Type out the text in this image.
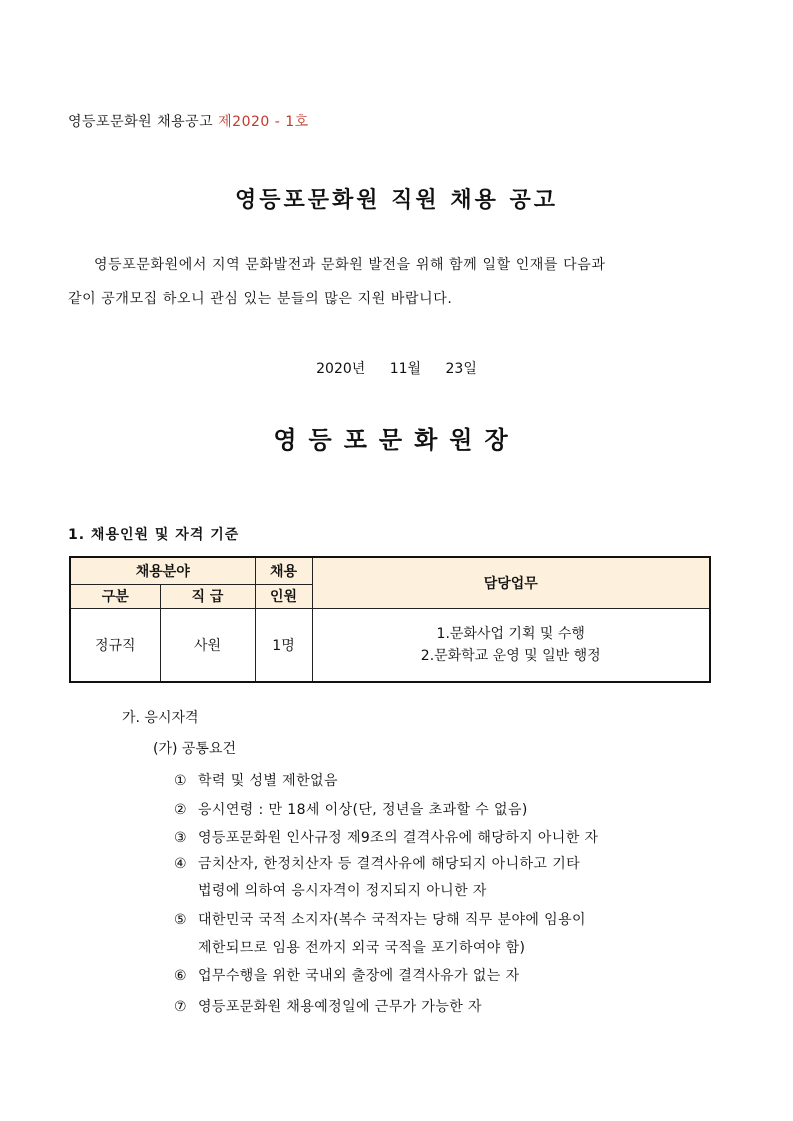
영등포문화원 채용공고 제2020 - 1호
영등포문화원 직원 채용 공고
영등포문화원에서 지역 문화발전과 문화원 발전을 위해 함께 일할 인재를 다음과
같이 공개모집 하오니 관심 있는 분들의 많은 지원 바랍니다.
2020년 11월 23일
영등포문화원장
1. 채용인원 및 자격 기준
채용분야		채용	담당업무
구분	직 급	인원	
정규직	사원	1명	1.문화사업 기획 및 수행
2.문화학교 운영 및 일반 행정
가. 응시자격
(가) 공통요건
① 학력 및 성별 제한없음
② 응시연령 : 만 18세 이상(단, 정년을 초과할 수 없음)
③ 영등포문화원 인사규정 제9조의 결격사유에 해당하지 아니한 자
④ 금치산자, 한정치산자 등 결격사유에 해당되지 아니하고 기타
법령에 의하여 응시자격이 정지되지 아니한 자
⑤ 대한민국 국적 소지자(복수 국적자는 당해 직무 분야에 임용이
제한되므로 임용 전까지 외국 국적을 포기하여야 함)
⑥ 업무수행을 위한 국내외 출장에 결격사유가 없는 자
⑦ 영등포문화원 채용예정일에 근무가 가능한 자
